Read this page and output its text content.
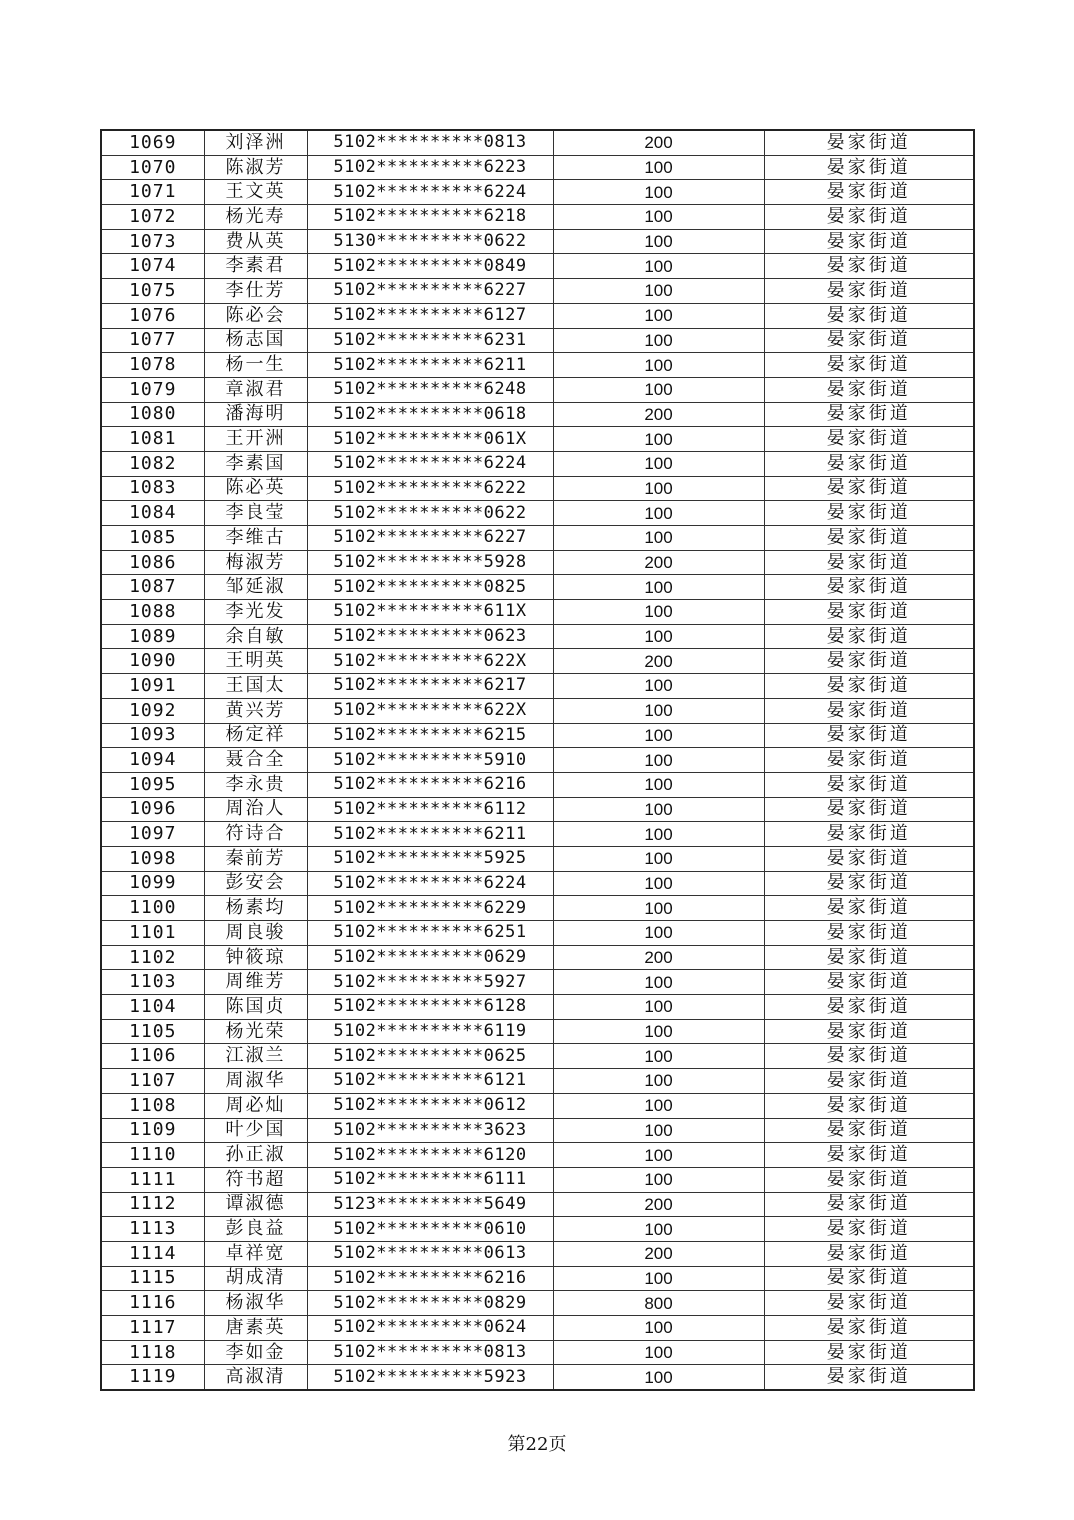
1069	刘泽洲	5102**********0813	200	晏家街道
1070	陈淑芳	5102**********6223	100	晏家街道
1071	王文英	5102**********6224	100	晏家街道
1072	杨光寿	5102**********6218	100	晏家街道
1073	费从英	5130**********0622	100	晏家街道
1074	李素君	5102**********0849	100	晏家街道
1075	李仕芳	5102**********6227	100	晏家街道
1076	陈必会	5102**********6127	100	晏家街道
1077	杨志国	5102**********6231	100	晏家街道
1078	杨一生	5102**********6211	100	晏家街道
1079	章淑君	5102**********6248	100	晏家街道
1080	潘海明	5102**********0618	200	晏家街道
1081	王开洲	5102**********061X	100	晏家街道
1082	李素国	5102**********6224	100	晏家街道
1083	陈必英	5102**********6222	100	晏家街道
1084	李良莹	5102**********0622	100	晏家街道
1085	李维古	5102**********6227	100	晏家街道
1086	梅淑芳	5102**********5928	200	晏家街道
1087	邹延淑	5102**********0825	100	晏家街道
1088	李光发	5102**********611X	100	晏家街道
1089	余自敏	5102**********0623	100	晏家街道
1090	王明英	5102**********622X	200	晏家街道
1091	王国太	5102**********6217	100	晏家街道
1092	黄兴芳	5102**********622X	100	晏家街道
1093	杨定祥	5102**********6215	100	晏家街道
1094	聂合全	5102**********5910	100	晏家街道
1095	李永贵	5102**********6216	100	晏家街道
1096	周治人	5102**********6112	100	晏家街道
1097	符诗合	5102**********6211	100	晏家街道
1098	秦前芳	5102**********5925	100	晏家街道
1099	彭安会	5102**********6224	100	晏家街道
1100	杨素均	5102**********6229	100	晏家街道
1101	周良骏	5102**********6251	100	晏家街道
1102	钟筱琼	5102**********0629	200	晏家街道
1103	周维芳	5102**********5927	100	晏家街道
1104	陈国贞	5102**********6128	100	晏家街道
1105	杨光荣	5102**********6119	100	晏家街道
1106	江淑兰	5102**********0625	100	晏家街道
1107	周淑华	5102**********6121	100	晏家街道
1108	周必灿	5102**********0612	100	晏家街道
1109	叶少国	5102**********3623	100	晏家街道
1110	孙正淑	5102**********6120	100	晏家街道
1111	符书超	5102**********6111	100	晏家街道
1112	谭淑德	5123**********5649	200	晏家街道
1113	彭良益	5102**********0610	100	晏家街道
1114	卓祥宽	5102**********0613	200	晏家街道
1115	胡成清	5102**********6216	100	晏家街道
1116	杨淑华	5102**********0829	800	晏家街道
1117	唐素英	5102**********0624	100	晏家街道
1118	李如金	5102**********0813	100	晏家街道
1119	高淑清	5102**********5923	100	晏家街道
第22页
